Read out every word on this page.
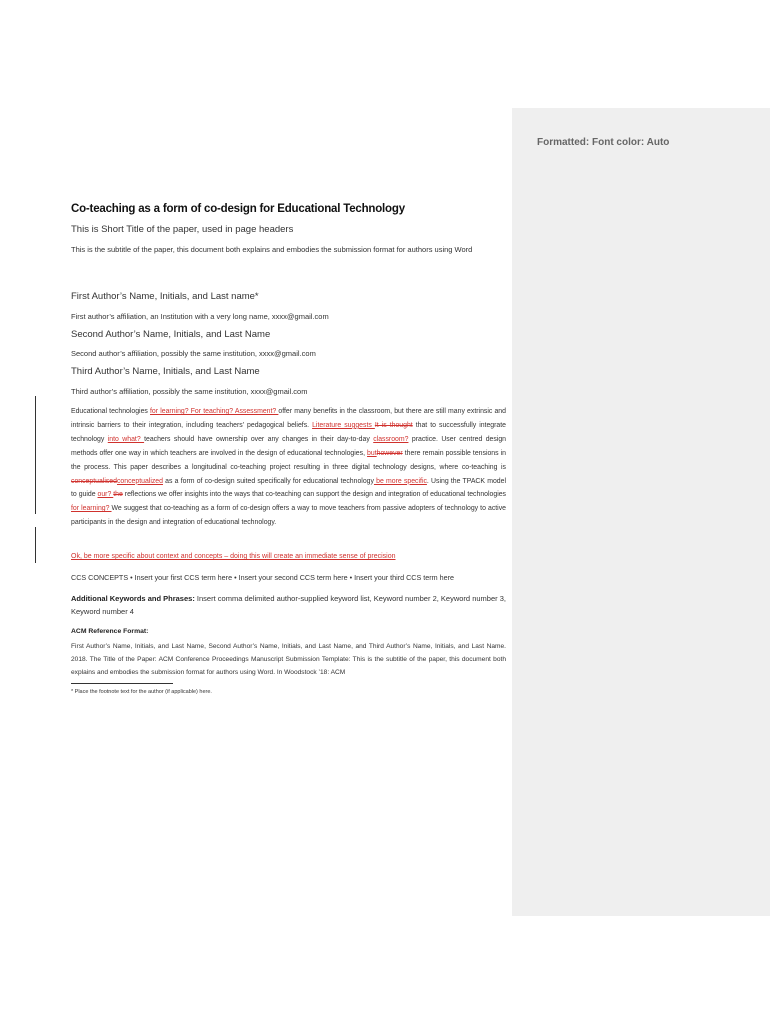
Co-teaching as a form of co-design for Educational Technology
This is Short Title of the paper, used in page headers
This is the subtitle of the paper, this document both explains and embodies the submission format for authors using Word
First Author’s Name, Initials, and Last name*
First author’s affiliation, an Institution with a very long name, xxxx@gmail.com
Second Author’s Name, Initials, and Last Name
Second author’s affiliation, possibly the same institution, xxxx@gmail.com
Third Author’s Name, Initials, and Last Name
Third author’s affiliation, possibly the same institution, xxxx@gmail.com
Educational technologies for learning? For teaching? Assessment? offer many benefits in the classroom, but there are still many extrinsic and intrinsic barriers to their integration, including teachers’ pedagogical beliefs. Literature suggests It is thought that to successfully integrate technology into what? teachers should have ownership over any changes in their day-to-day classroom? practice. User centred design methods offer one way in which teachers are involved in the design of educational technologies, buthowever there remain possible tensions in the process. This paper describes a longitudinal co-teaching project resulting in three digital technology designs, where co-teaching is conceptualisedconceptualized as a form of co-design suited specifically for educational technology be more specific. Using the TPACK model to guide our? the reflections we offer insights into the ways that co-teaching can support the design and integration of educational technologies for learning? We suggest that co-teaching as a form of co-design offers a way to move teachers from passive adopters of technology to active participants in the design and integration of educational technology.
Ok, be more specific about context and concepts – doing this will create an immediate sense of precision
CCS CONCEPTS • Insert your first CCS term here • Insert your second CCS term here • Insert your third CCS term here
Additional Keywords and Phrases: Insert comma delimited author-supplied keyword list, Keyword number 2, Keyword number 3, Keyword number 4
ACM Reference Format:
First Author’s Name, Initials, and Last Name, Second Author’s Name, Initials, and Last Name, and Third Author’s Name, Initials, and Last Name. 2018. The Title of the Paper: ACM Conference Proceedings Manuscript Submission Template: This is the subtitle of the paper, this document both explains and embodies the submission format for authors using Word. In Woodstock ’18: ACM
* Place the footnote text for the author (if applicable) here.
Formatted: Font color: Auto
